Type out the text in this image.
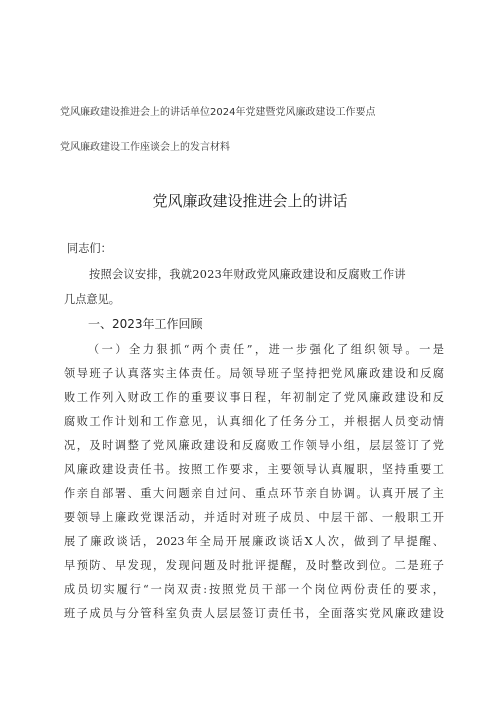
党风廉政建设推进会上的讲话单位2024年党建暨党风廉政建设工作要点
党风廉政建设工作座谈会上的发言材料
党风廉政建设推进会上的讲话
同志们：
按照会议安排，我就2023年财政党风廉政建设和反腐败工作讲
几点意见。
一、2023年工作回顾
（一）全力狠抓“两个责任”，进一步强化了组织领导。一是
领导班子认真落实主体责任。局领导班子坚持把党风廉政建设和反腐
败工作列入财政工作的重要议事日程，年初制定了党风廉政建设和反
腐败工作计划和工作意见，认真细化了任务分工，并根据人员变动情
况，及时调整了党风廉政建设和反腐败工作领导小组，层层签订了党
风廉政建设责任书。按照工作要求，主要领导认真履职，坚持重要工
作亲自部署、重大问题亲自过问、重点环节亲自协调。认真开展了主
要领导上廉政党课活动，并适时对班子成员、中层干部、一般职工开
展了廉政谈话，2023年全局开展廉政谈话X人次，做到了早提醒、
早预防、早发现，发现问题及时批评提醒，及时整改到位。二是班子
成员切实履行“一岗双责:按照党员干部一个岗位两份责任的要求，
班子成员与分管科室负责人层层签订责任书，全面落实党风廉政建设
